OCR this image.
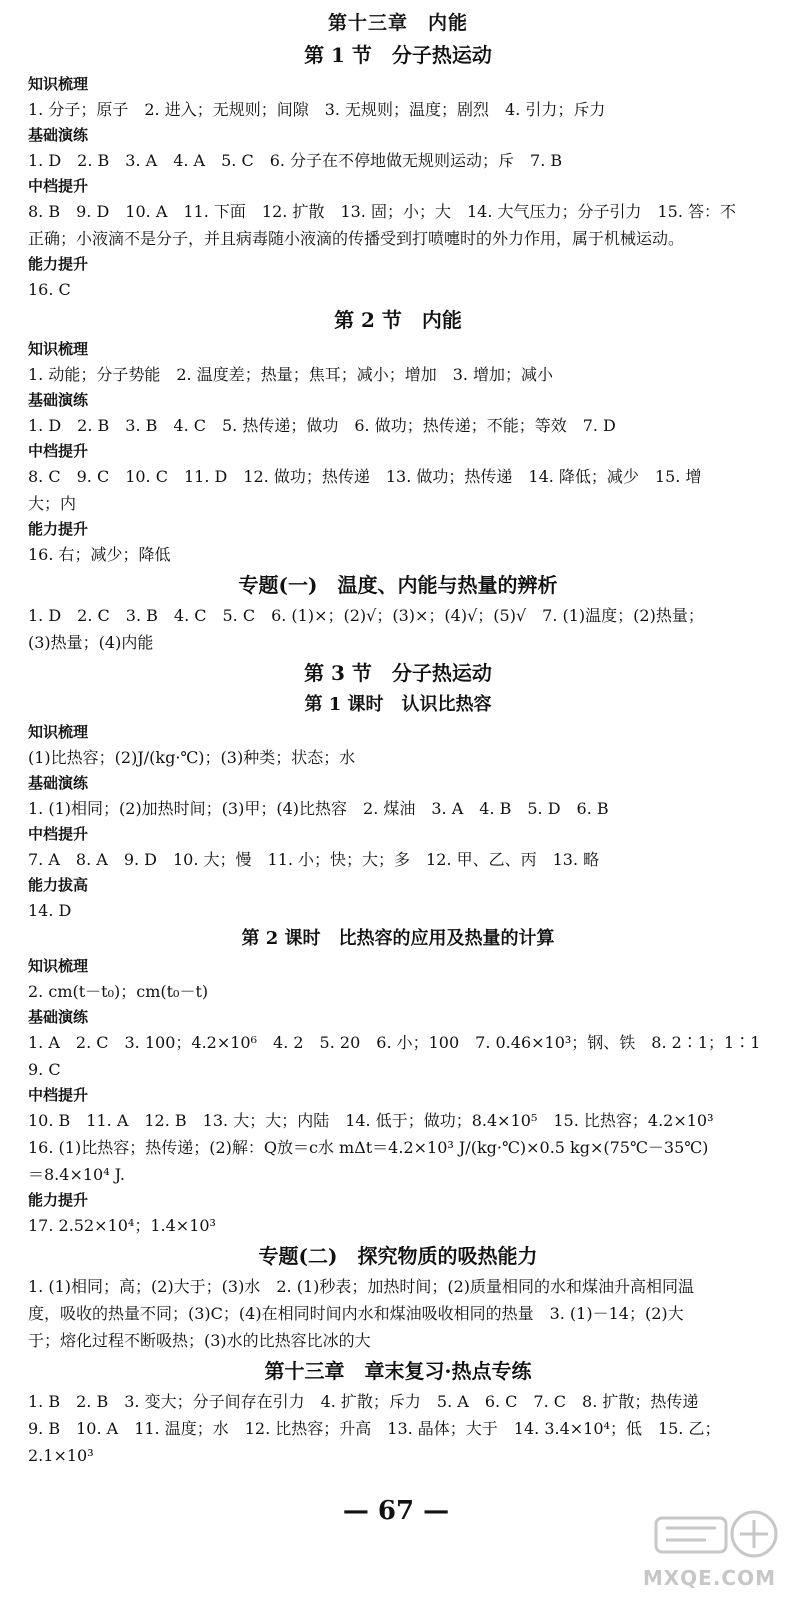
第十三章　内能
第 1 节　分子热运动
知识梳理
1. 分子；原子　2. 进入；无规则；间隙　3. 无规则；温度；剧烈　4. 引力；斥力
基础演练
1. D　2. B　3. A　4. A　5. C　6. 分子在不停地做无规则运动；斥　7. B
中档提升
8. B　9. D　10. A　11. 下面　12. 扩散　13. 固；小；大　14. 大气压力；分子引力　15. 答：不
正确；小液滴不是分子，并且病毒随小液滴的传播受到打喷嚏时的外力作用，属于机械运动。
能力提升
16. C
第 2 节　内能
知识梳理
1. 动能；分子势能　2. 温度差；热量；焦耳；减小；增加　3. 增加；减小
基础演练
1. D　2. B　3. B　4. C　5. 热传递；做功　6. 做功；热传递；不能；等效　7. D
中档提升
8. C　9. C　10. C　11. D　12. 做功；热传递　13. 做功；热传递　14. 降低；减少　15. 增
大；内
能力提升
16. 右；减少；降低
专题(一)　温度、内能与热量的辨析
1. D　2. C　3. B　4. C　5. C　6. (1)×；(2)√；(3)×；(4)√；(5)√　7. (1)温度；(2)热量；
(3)热量；(4)内能
第 3 节　分子热运动
第 1 课时　认识比热容
知识梳理
(1)比热容；(2)J/(kg·℃)；(3)种类；状态；水
基础演练
1. (1)相同；(2)加热时间；(3)甲；(4)比热容　2. 煤油　3. A　4. B　5. D　6. B
中档提升
7. A　8. A　9. D　10. 大；慢　11. 小；快；大；多　12. 甲、乙、丙　13. 略
能力拔高
14. D
第 2 课时　比热容的应用及热量的计算
知识梳理
2. cm(t－t₀)；cm(t₀－t)
基础演练
1. A　2. C　3. 100；4.2×10⁶　4. 2　5. 20　6. 小；100　7. 0.46×10³；钢、铁　8. 2∶1；1∶1
9. C
中档提升
10. B　11. A　12. B　13. 大；大；内陆　14. 低于；做功；8.4×10⁵　15. 比热容；4.2×10³
16. (1)比热容；热传递；(2)解：Q放＝c水 mΔt＝4.2×10³ J/(kg·℃)×0.5 kg×(75℃－35℃)
＝8.4×10⁴ J.
能力提升
17. 2.52×10⁴；1.4×10³
专题(二)　探究物质的吸热能力
1. (1)相同；高；(2)大于；(3)水　2. (1)秒表；加热时间；(2)质量相同的水和煤油升高相同温
度，吸收的热量不同；(3)C；(4)在相同时间内水和煤油吸收相同的热量　3. (1)－14；(2)大
于；熔化过程不断吸热；(3)水的比热容比冰的大
第十三章　章末复习·热点专练
1. B　2. B　3. 变大；分子间存在引力　4. 扩散；斥力　5. A　6. C　7. C　8. 扩散；热传递
9. B　10. A　11. 温度；水　12. 比热容；升高　13. 晶体；大于　14. 3.4×10⁴；低　15. 乙；
2.1×10³
— 67 —
MXQE.COM
